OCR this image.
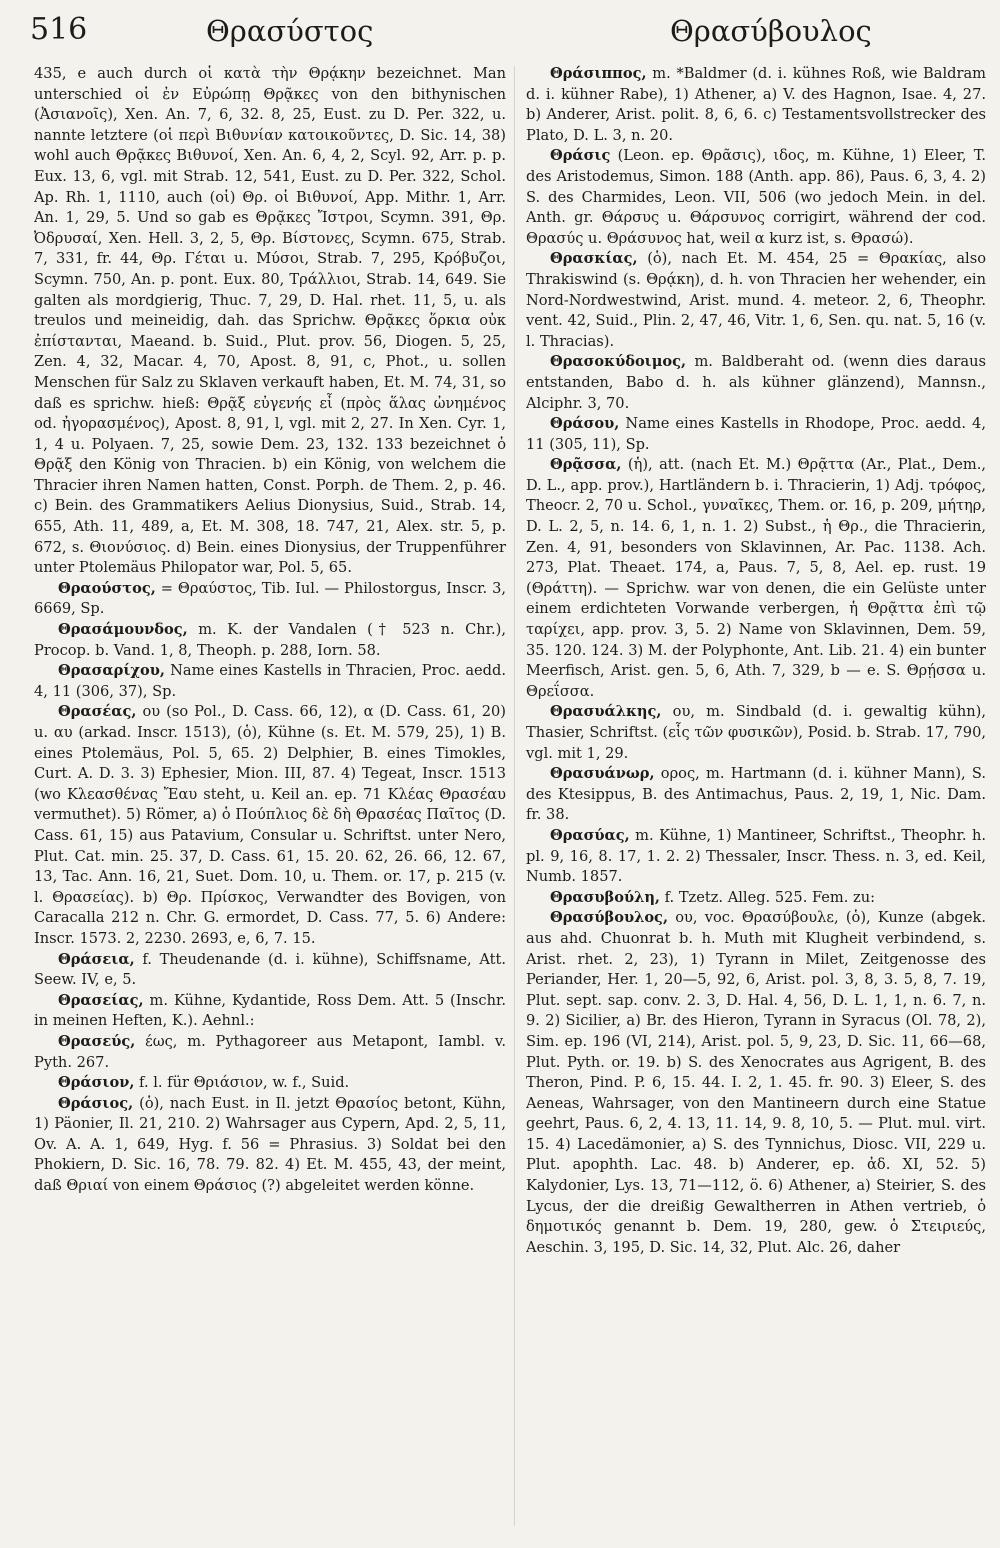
516	Θρασύστος	Θρασύβουλος

435, e auch durch οἱ κατὰ τὴν Θρᾴκην bezeichnet. Man unterschied οἱ ἐν Εὐρώπῃ Θρᾷκες von den bithynischen (Ἀσιανοῖς), Xen. An. 7, 6, 32. 8, 25, Eust. zu D. Per. 322, u. nannte letztere (οἱ περὶ Βιθυνίαν κατοικοῦντες, D. Sic. 14, 38) wohl auch Θρᾷκες Βιθυνοί, Xen. An. 6, 4, 2, Scyl. 92, Arr. p. p. Eux. 13, 6, vgl. mit Strab. 12, 541, Eust. zu D. Per. 322, Schol. Ap. Rh. 1, 1110, auch (οἱ) Θρ. οἱ Βιθυνοί, App. Mithr. 1, Arr. An. 1, 29, 5. Und so gab es Θρᾷκες Ἴστροι, Scymn. 391, Θρ. Ὀδρυσαί, Xen. Hell. 3, 2, 5, Θρ. Βίστονες, Scymn. 675, Strab. 7, 331, fr. 44, Θρ. Γέται u. Μύσοι, Strab. 7, 295, Κρόβυζοι, Scymn. 750, An. p. pont. Eux. 80, Τράλλιοι, Strab. 14, 649. Sie galten als mordgierig, Thuc. 7, 29, D. Hal. rhet. 11, 5, u. als treulos und meineidig, dah. das Sprichw. Θρᾷκες ὅρκια οὐκ ἐπίστανται, Maeand. b. Suid., Plut. prov. 56, Diogen. 5, 25, Zen. 4, 32, Macar. 4, 70, Apost. 8, 91, c, Phot., u. sollen Menschen für Salz zu Sklaven verkauft haben, Et. M. 74, 31, so daß es sprichw. hieß: Θρᾷξ εὐγενής εἶ (πρὸς ἅλας ὠνημένος od. ἠγορασμένος), Apost. 8, 91, l, vgl. mit 2, 27. In Xen. Cyr. 1, 1, 4 u. Polyaen. 7, 25, sowie Dem. 23, 132. 133 bezeichnet ὁ Θρᾷξ den König von Thracien. b) ein König, von welchem die Thracier ihren Namen hatten, Const. Porph. de Them. 2, p. 46. c) Bein. des Grammatikers Aelius Dionysius, Suid., Strab. 14, 655, Ath. 11, 489, a, Et. M. 308, 18. 747, 21, Alex. str. 5, p. 672, s. Θιονύσιος. d) Bein. eines Dionysius, der Truppenführer unter Ptolemäus Philopator war, Pol. 5, 65.

Θραούστος, = Θραύστος, Tib. Iul. — Philostorgus, Inscr. 3, 6669, Sp.

Θρασάμουνδος, m. K. der Vandalen († 523 n. Chr.), Procop. b. Vand. 1, 8, Theoph. p. 288, Iorn. 58.

Θρασαρίχου, Name eines Kastells in Thracien, Proc. aedd. 4, 11 (306, 37), Sp.

Θρασέας, ου (so Pol., D. Cass. 66, 12), α (D. Cass. 61, 20) u. αυ (arkad. Inscr. 1513), (ὁ), Kühne (s. Et. M. 579, 25), 1) B. eines Ptolemäus, Pol. 5, 65. 2) Delphier, B. eines Timokles, Curt. A. D. 3. 3) Ephesier, Mion. III, 87. 4) Tegeat, Inscr. 1513 (wo Κλεασθένας Ἔαυ steht, u. Keil an. ep. 71 Κλέας Θρασέαυ vermuthet). 5) Römer, a) ὁ Πούπλιος δὲ δὴ Θρασέας Παῖτος (D. Cass. 61, 15) aus Patavium, Consular u. Schriftst. unter Nero, Plut. Cat. min. 25. 37, D. Cass. 61, 15. 20. 62, 26. 66, 12. 67, 13, Tac. Ann. 16, 21, Suet. Dom. 10, u. Them. or. 17, p. 215 (v. l. Θρασείας). b) Θρ. Πρίσκος, Verwandter des Bovigen, von Caracalla 212 n. Chr. G. ermordet, D. Cass. 77, 5. 6) Andere: Inscr. 1573. 2, 2230. 2693, e, 6, 7. 15.

Θράσεια, f. Theudenande (d. i. kühne), Schiffsname, Att. Seew. IV, e, 5.

Θρασείας, m. Kühne, Kydantide, Ross Dem. Att. 5 (Inschr. in meinen Heften, K.). Aehnl.:

Θρασεύς, έως, m. Pythagoreer aus Metapont, Iambl. v. Pyth. 267.

Θράσιον, f. l. für Θριάσιον, w. f., Suid.

Θράσιος, (ὁ), nach Eust. in Il. jetzt Θρασίος betont, Kühn, 1) Päonier, Il. 21, 210. 2) Wahrsager aus Cypern, Apd. 2, 5, 11, Ov. A. A. 1, 649, Hyg. f. 56 = Phrasius. 3) Soldat bei den Phokiern, D. Sic. 16, 78. 79. 82. 4) Et. M. 455, 43, der meint, daß Θριαί von einem Θράσιος (?) abgeleitet werden könne.

Θράσιππος, m. *Baldmer (d. i. kühnes Roß, wie Baldram d. i. kühner Rabe), 1) Athener, a) V. des Hagnon, Isae. 4, 27. b) Anderer, Arist. polit. 8, 6, 6. c) Testamentsvollstrecker des Plato, D. L. 3, n. 20.

Θράσις (Leon. ep. Θρᾶσις), ιδος, m. Kühne, 1) Eleer, T. des Aristodemus, Simon. 188 (Anth. app. 86), Paus. 6, 3, 4. 2) S. des Charmides, Leon. VII, 506 (wo jedoch Mein. in del. Anth. gr. Θάρσυς u. Θάρσυνος corrigirt, während der cod. Θρασύς u. Θράσυνος hat, weil α kurz ist, s. Θρασώ).

Θρασκίας, (ὁ), nach Et. M. 454, 25 = Θρακίας, also Thrakiswind (s. Θρᾴκη), d. h. von Thracien her wehender, ein Nord-Nordwestwind, Arist. mund. 4. meteor. 2, 6, Theophr. vent. 42, Suid., Plin. 2, 47, 46, Vitr. 1, 6, Sen. qu. nat. 5, 16 (v. l. Thracias).

Θρασοκύδοιμος, m. Baldberaht od. (wenn dies daraus entstanden, Babo d. h. als kühner glänzend), Mannsn., Alciphr. 3, 70.

Θράσου, Name eines Kastells in Rhodope, Proc. aedd. 4, 11 (305, 11), Sp.

Θρᾷσσα, (ἡ), att. (nach Et. M.) Θρᾷττα (Ar., Plat., Dem., D. L., app. prov.), Hartländern b. i. Thracierin, 1) Adj. τρόφος, Theocr. 2, 70 u. Schol., γυναῖκες, Them. or. 16, p. 209, μήτηρ, D. L. 2, 5, n. 14. 6, 1, n. 1. 2) Subst., ἡ Θρ., die Thracierin, Zen. 4, 91, besonders von Sklavinnen, Ar. Pac. 1138. Ach. 273, Plat. Theaet. 174, a, Paus. 7, 5, 8, Ael. ep. rust. 19 (Θράττη). — Sprichw. war von denen, die ein Gelüste unter einem erdichteten Vorwande verbergen, ἡ Θρᾷττα ἐπὶ τῷ ταρίχει, app. prov. 3, 5. 2) Name von Sklavinnen, Dem. 59, 35. 120. 124. 3) M. der Polyphonte, Ant. Lib. 21. 4) ein bunter Meerfisch, Arist. gen. 5, 6, Ath. 7, 329, b — e. S. Θρῄσσα u. Θρεΐσσα.

Θρασυάλκης, ου, m. Sindbald (d. i. gewaltig kühn), Thasier, Schriftst. (εἷς τῶν φυσικῶν), Posid. b. Strab. 17, 790, vgl. mit 1, 29.

Θρασυάνωρ, ορος, m. Hartmann (d. i. kühner Mann), S. des Ktesippus, B. des Antimachus, Paus. 2, 19, 1, Nic. Dam. fr. 38.

Θρασύας, m. Kühne, 1) Mantineer, Schriftst., Theophr. h. pl. 9, 16, 8. 17, 1. 2. 2) Thessaler, Inscr. Thess. n. 3, ed. Keil, Numb. 1857.

Θρασυβούλη, f. Tzetz. Alleg. 525. Fem. zu:

Θρασύβουλος, ου, voc. Θρασύβουλε, (ὁ), Kunze (abgek. aus ahd. Chuonrat b. h. Muth mit Klugheit verbindend, s. Arist. rhet. 2, 23), 1) Tyrann in Milet, Zeitgenosse des Periander, Her. 1, 20—5, 92, 6, Arist. pol. 3, 8, 3. 5, 8, 7. 19, Plut. sept. sap. conv. 2. 3, D. Hal. 4, 56, D. L. 1, 1, n. 6. 7, n. 9. 2) Sicilier, a) Br. des Hieron, Tyrann in Syracus (Ol. 78, 2), Sim. ep. 196 (VI, 214), Arist. pol. 5, 9, 23, D. Sic. 11, 66—68, Plut. Pyth. or. 19. b) S. des Xenocrates aus Agrigent, B. des Theron, Pind. P. 6, 15. 44. I. 2, 1. 45. fr. 90. 3) Eleer, S. des Aeneas, Wahrsager, von den Mantineern durch eine Statue geehrt, Paus. 6, 2, 4. 13, 11. 14, 9. 8, 10, 5. — Plut. mul. virt. 15. 4) Lacedämonier, a) S. des Tynnichus, Diosc. VII, 229 u. Plut. apophth. Lac. 48. b) Anderer, ep. ἀδ. XI, 52. 5) Kalydonier, Lys. 13, 71—112, ö. 6) Athener, a) Steirier, S. des Lycus, der die dreißig Gewaltherren in Athen vertrieb, ὁ δημοτικός genannt b. Dem. 19, 280, gew. ὁ Στειριεύς, Aeschin. 3, 195, D. Sic. 14, 32, Plut. Alc. 26, daher
